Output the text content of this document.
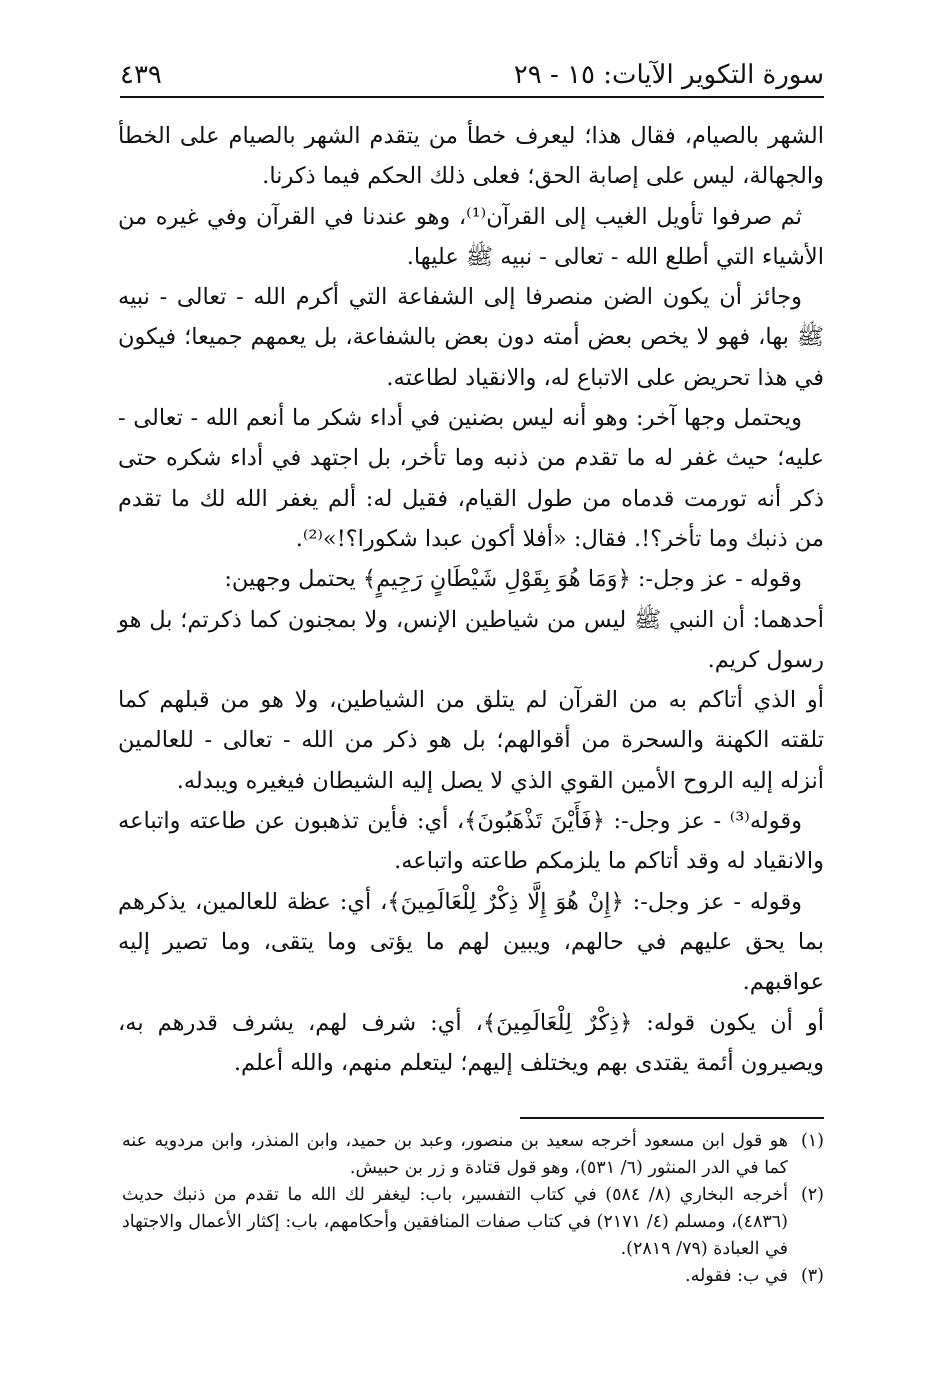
سورة التكوير الآيات: ١٥ - ٢٩
٤٣٩

الشهر بالصيام، فقال هذا؛ ليعرف خطأ من يتقدم الشهر بالصيام على الخطأ والجهالة، ليس على إصابة الحق؛ فعلى ذلك الحكم فيما ذكرنا.

ثم صرفوا تأويل الغيب إلى القرآن⁽¹⁾، وهو عندنا في القرآن وفي غيره من الأشياء التي أطلع الله - تعالى - نبيه ﷺ عليها.

وجائز أن يكون الضن منصرفا إلى الشفاعة التي أكرم الله - تعالى - نبيه ﷺ بها، فهو لا يخص بعض أمته دون بعض بالشفاعة، بل يعمهم جميعا؛ فيكون في هذا تحريض على الاتباع له، والانقياد لطاعته.

ويحتمل وجها آخر: وهو أنه ليس بضنين في أداء شكر ما أنعم الله - تعالى - عليه؛ حيث غفر له ما تقدم من ذنبه وما تأخر، بل اجتهد في أداء شكره حتى ذكر أنه تورمت قدماه من طول القيام، فقيل له: ألم يغفر الله لك ما تقدم من ذنبك وما تأخر؟!. فقال: «أفلا أكون عبدا شكورا؟!»⁽²⁾.

وقوله - عز وجل-: ﴿وَمَا هُوَ بِقَوْلِ شَيْطَانٍ رَجِيمٍ﴾ يحتمل وجهين:

أحدهما: أن النبي ﷺ ليس من شياطين الإنس، ولا بمجنون كما ذكرتم؛ بل هو رسول كريم.

أو الذي أتاكم به من القرآن لم يتلق من الشياطين، ولا هو من قبلهم كما تلقته الكهنة والسحرة من أقوالهم؛ بل هو ذكر من الله - تعالى - للعالمين أنزله إليه الروح الأمين القوي الذي لا يصل إليه الشيطان فيغيره ويبدله.

وقوله⁽³⁾ - عز وجل-: ﴿فَأَيْنَ تَذْهَبُونَ﴾، أي: فأين تذهبون عن طاعته واتباعه والانقياد له وقد أتاكم ما يلزمكم طاعته واتباعه.

وقوله - عز وجل-: ﴿إِنْ هُوَ إِلَّا ذِكْرٌ لِلْعَالَمِينَ﴾، أي: عظة للعالمين، يذكرهم بما يحق عليهم في حالهم، ويبين لهم ما يؤتى وما يتقى، وما تصير إليه عواقبهم.

أو أن يكون قوله: ﴿ذِكْرٌ لِلْعَالَمِينَ﴾، أي: شرف لهم، يشرف قدرهم به، ويصيرون أئمة يقتدى بهم ويختلف إليهم؛ ليتعلم منهم، والله أعلم.

(١)
هو قول ابن مسعود أخرجه سعيد بن منصور، وعبد بن حميد، وابن المنذر، وابن مردويه عنه كما في الدر المنثور (٦/ ٥٣١)، وهو قول قتادة و زر بن حبيش.
(٢)
أخرجه البخاري (٨/ ٥٨٤) في كتاب التفسير، باب: ليغفر لك الله ما تقدم من ذنبك حديث (٤٨٣٦)، ومسلم (٤/ ٢١٧١) في كتاب صفات المنافقين وأحكامهم، باب: إكثار الأعمال والاجتهاد في العبادة (٧٩/ ٢٨١٩).
(٣)
في ب: فقوله.
